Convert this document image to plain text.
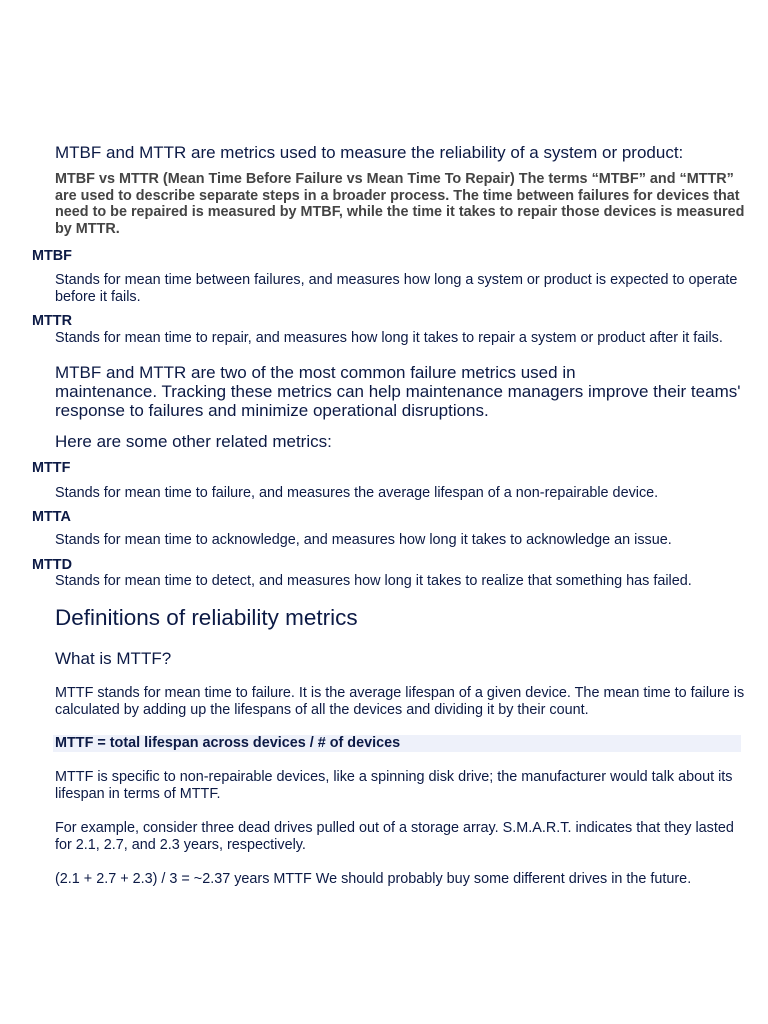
MTBF and MTTR are metrics used to measure the reliability of a system or product:

MTBF vs MTTR (Mean Time Before Failure vs Mean Time To Repair) The terms “MTBF” and “MTTR” are used to describe separate steps in a broader process. The time between failures for devices that need to be repaired is measured by MTBF, while the time it takes to repair those devices is measured by MTTR.

MTBF

Stands for mean time between failures, and measures how long a system or product is expected to operate before it fails.

MTTR

Stands for mean time to repair, and measures how long it takes to repair a system or product after it fails.

MTBF and MTTR are two of the most common failure metrics used in

maintenance. Tracking these metrics can help maintenance managers improve their teams' response to failures and minimize operational disruptions.

Here are some other related metrics:

MTTF

Stands for mean time to failure, and measures the average lifespan of a non-repairable device.

MTTA

Stands for mean time to acknowledge, and measures how long it takes to acknowledge an issue.

MTTD

Stands for mean time to detect, and measures how long it takes to realize that something has failed.

Definitions of reliability metrics
What is MTTF?

MTTF stands for mean time to failure. It is the average lifespan of a given device. The mean time to failure is calculated by adding up the lifespans of all the devices and dividing it by their count.

MTTF = total lifespan across devices / # of devices

MTTF is specific to non-repairable devices, like a spinning disk drive; the manufacturer would talk about its lifespan in terms of MTTF.

For example, consider three dead drives pulled out of a storage array. S.M.A.R.T. indicates that they lasted for 2.1, 2.7, and 2.3 years, respectively.

(2.1 + 2.7 + 2.3) / 3 = ~2.37 years MTTF We should probably buy some different drives in the future.
